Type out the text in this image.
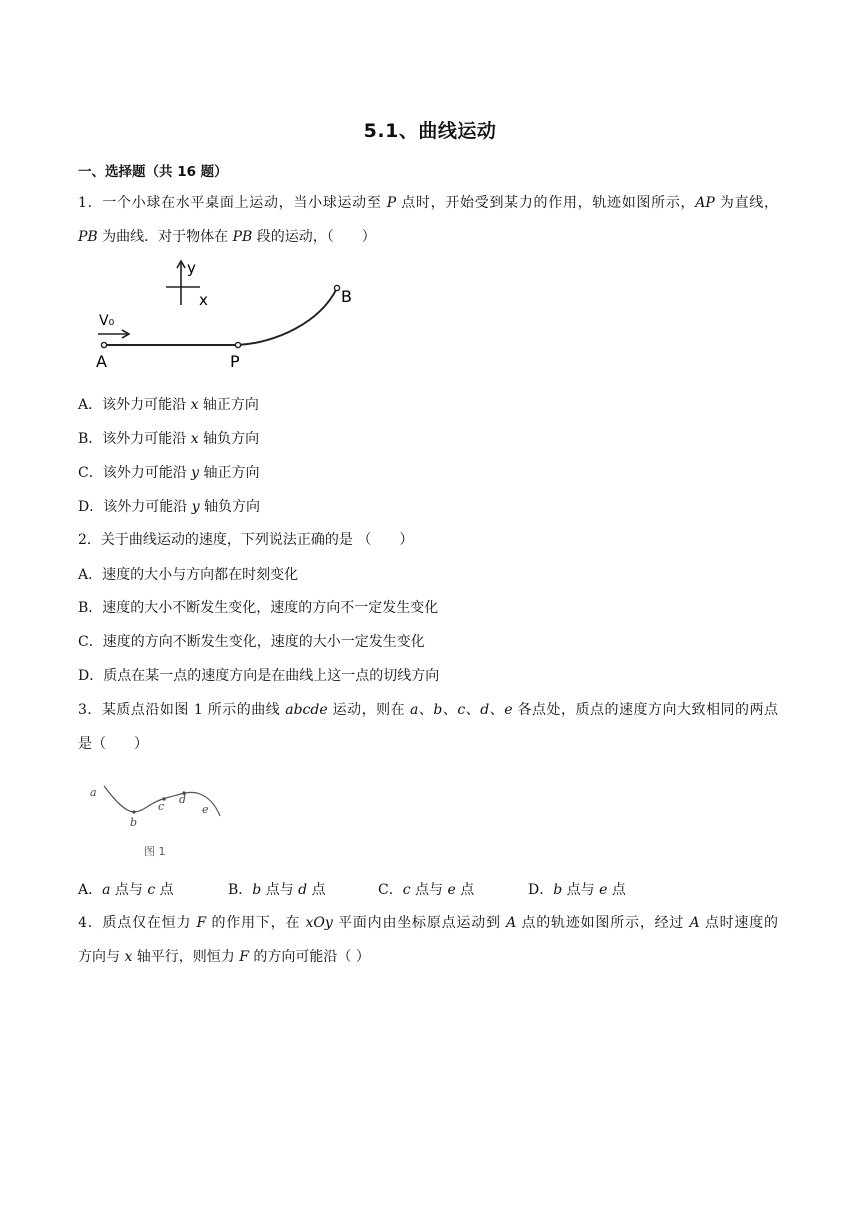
5.1、曲线运动
一、选择题（共 16 题）
1．一个小球在水平桌面上运动，当小球运动至 P 点时，开始受到某力的作用，轨迹如图所示，AP 为直线，
PB 为曲线．对于物体在 PB 段的运动，（　　）
y
x
V₀
A	P
B
A．该外力可能沿 x 轴正方向
B．该外力可能沿 x 轴负方向
C．该外力可能沿 y 轴正方向
D．该外力可能沿 y 轴负方向
2．关于曲线运动的速度，下列说法正确的是 （　　）
A．速度的大小与方向都在时刻变化
B．速度的大小不断发生变化，速度的方向不一定发生变化
C．速度的方向不断发生变化，速度的大小一定发生变化
D．质点在某一点的速度方向是在曲线上这一点的切线方向
3．某质点沿如图 1 所示的曲线 abcde 运动，则在 a、b、c、d、e 各点处，质点的速度方向大致相同的两点
是（　　）
a
b
c
d
e
图 1
A．a 点与 c 点	B．b 点与 d 点	C．c 点与 e 点	D．b 点与 e 点
4．质点仅在恒力 F 的作用下，在 xOy 平面内由坐标原点运动到 A 点的轨迹如图所示，经过 A 点时速度的
方向与 x 轴平行，则恒力 F 的方向可能沿（ ）
